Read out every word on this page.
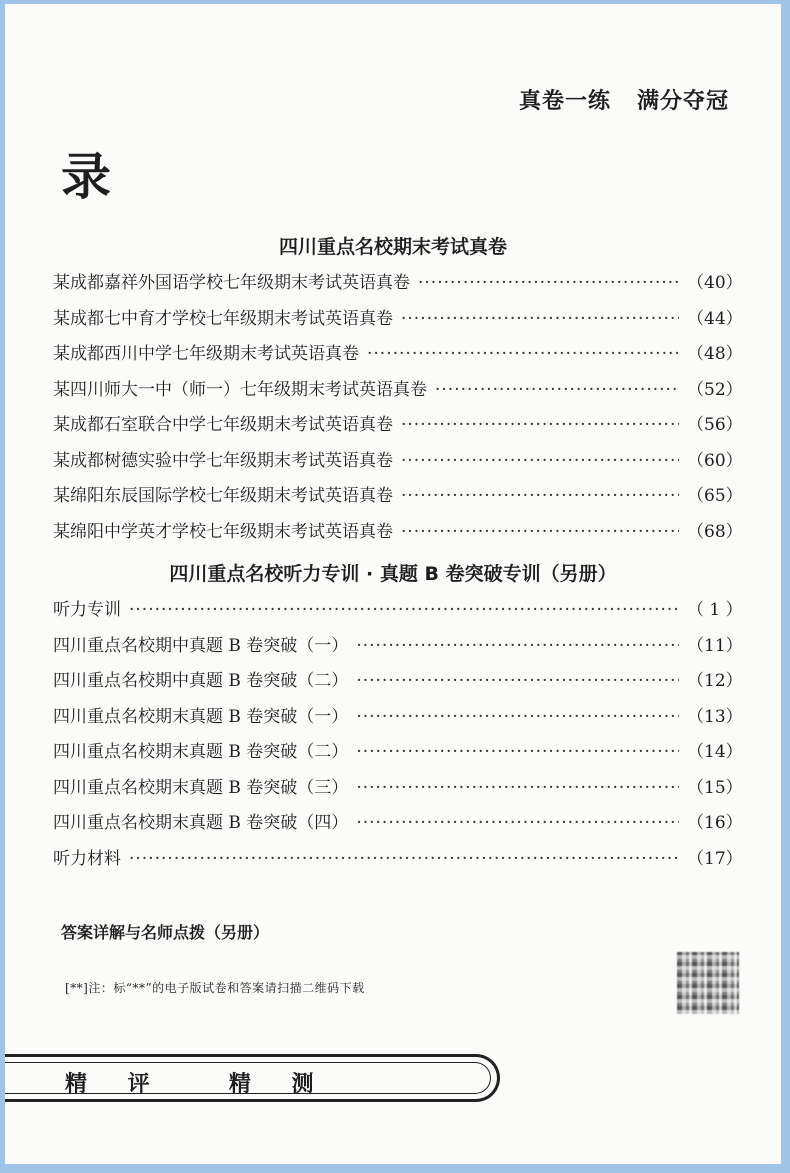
真卷一练   满分夺冠
录
四川重点名校期末考试真卷
某成都嘉祥外国语学校七年级期末考试英语真卷 ·····	（40）
某成都七中育才学校七年级期末考试英语真卷 ·····	（44）
某成都西川中学七年级期末考试英语真卷 ·····	（48）
某四川师大一中（师一）七年级期末考试英语真卷 ·····	（52）
某成都石室联合中学七年级期末考试英语真卷 ·····	（56）
某成都树德实验中学七年级期末考试英语真卷 ·····	（60）
某绵阳东辰国际学校七年级期末考试英语真卷 ·····	（65）
某绵阳中学英才学校七年级期末考试英语真卷 ·····	（68）
四川重点名校听力专训 · 真题 B 卷突破专训（另册）
听力专训 ·····	（ 1 ）
四川重点名校期中真题 B 卷突破（一） ·····	（11）
四川重点名校期中真题 B 卷突破（二） ·····	（12）
四川重点名校期末真题 B 卷突破（一） ·····	（13）
四川重点名校期末真题 B 卷突破（二） ·····	（14）
四川重点名校期末真题 B 卷突破（三） ·····	（15）
四川重点名校期末真题 B 卷突破（四） ·····	（16）
听力材料 ·····	（17）
答案详解与名师点拨（另册）
[**]注：标“**”的电子版试卷和答案请扫描二维码下载
精    评        精    测
